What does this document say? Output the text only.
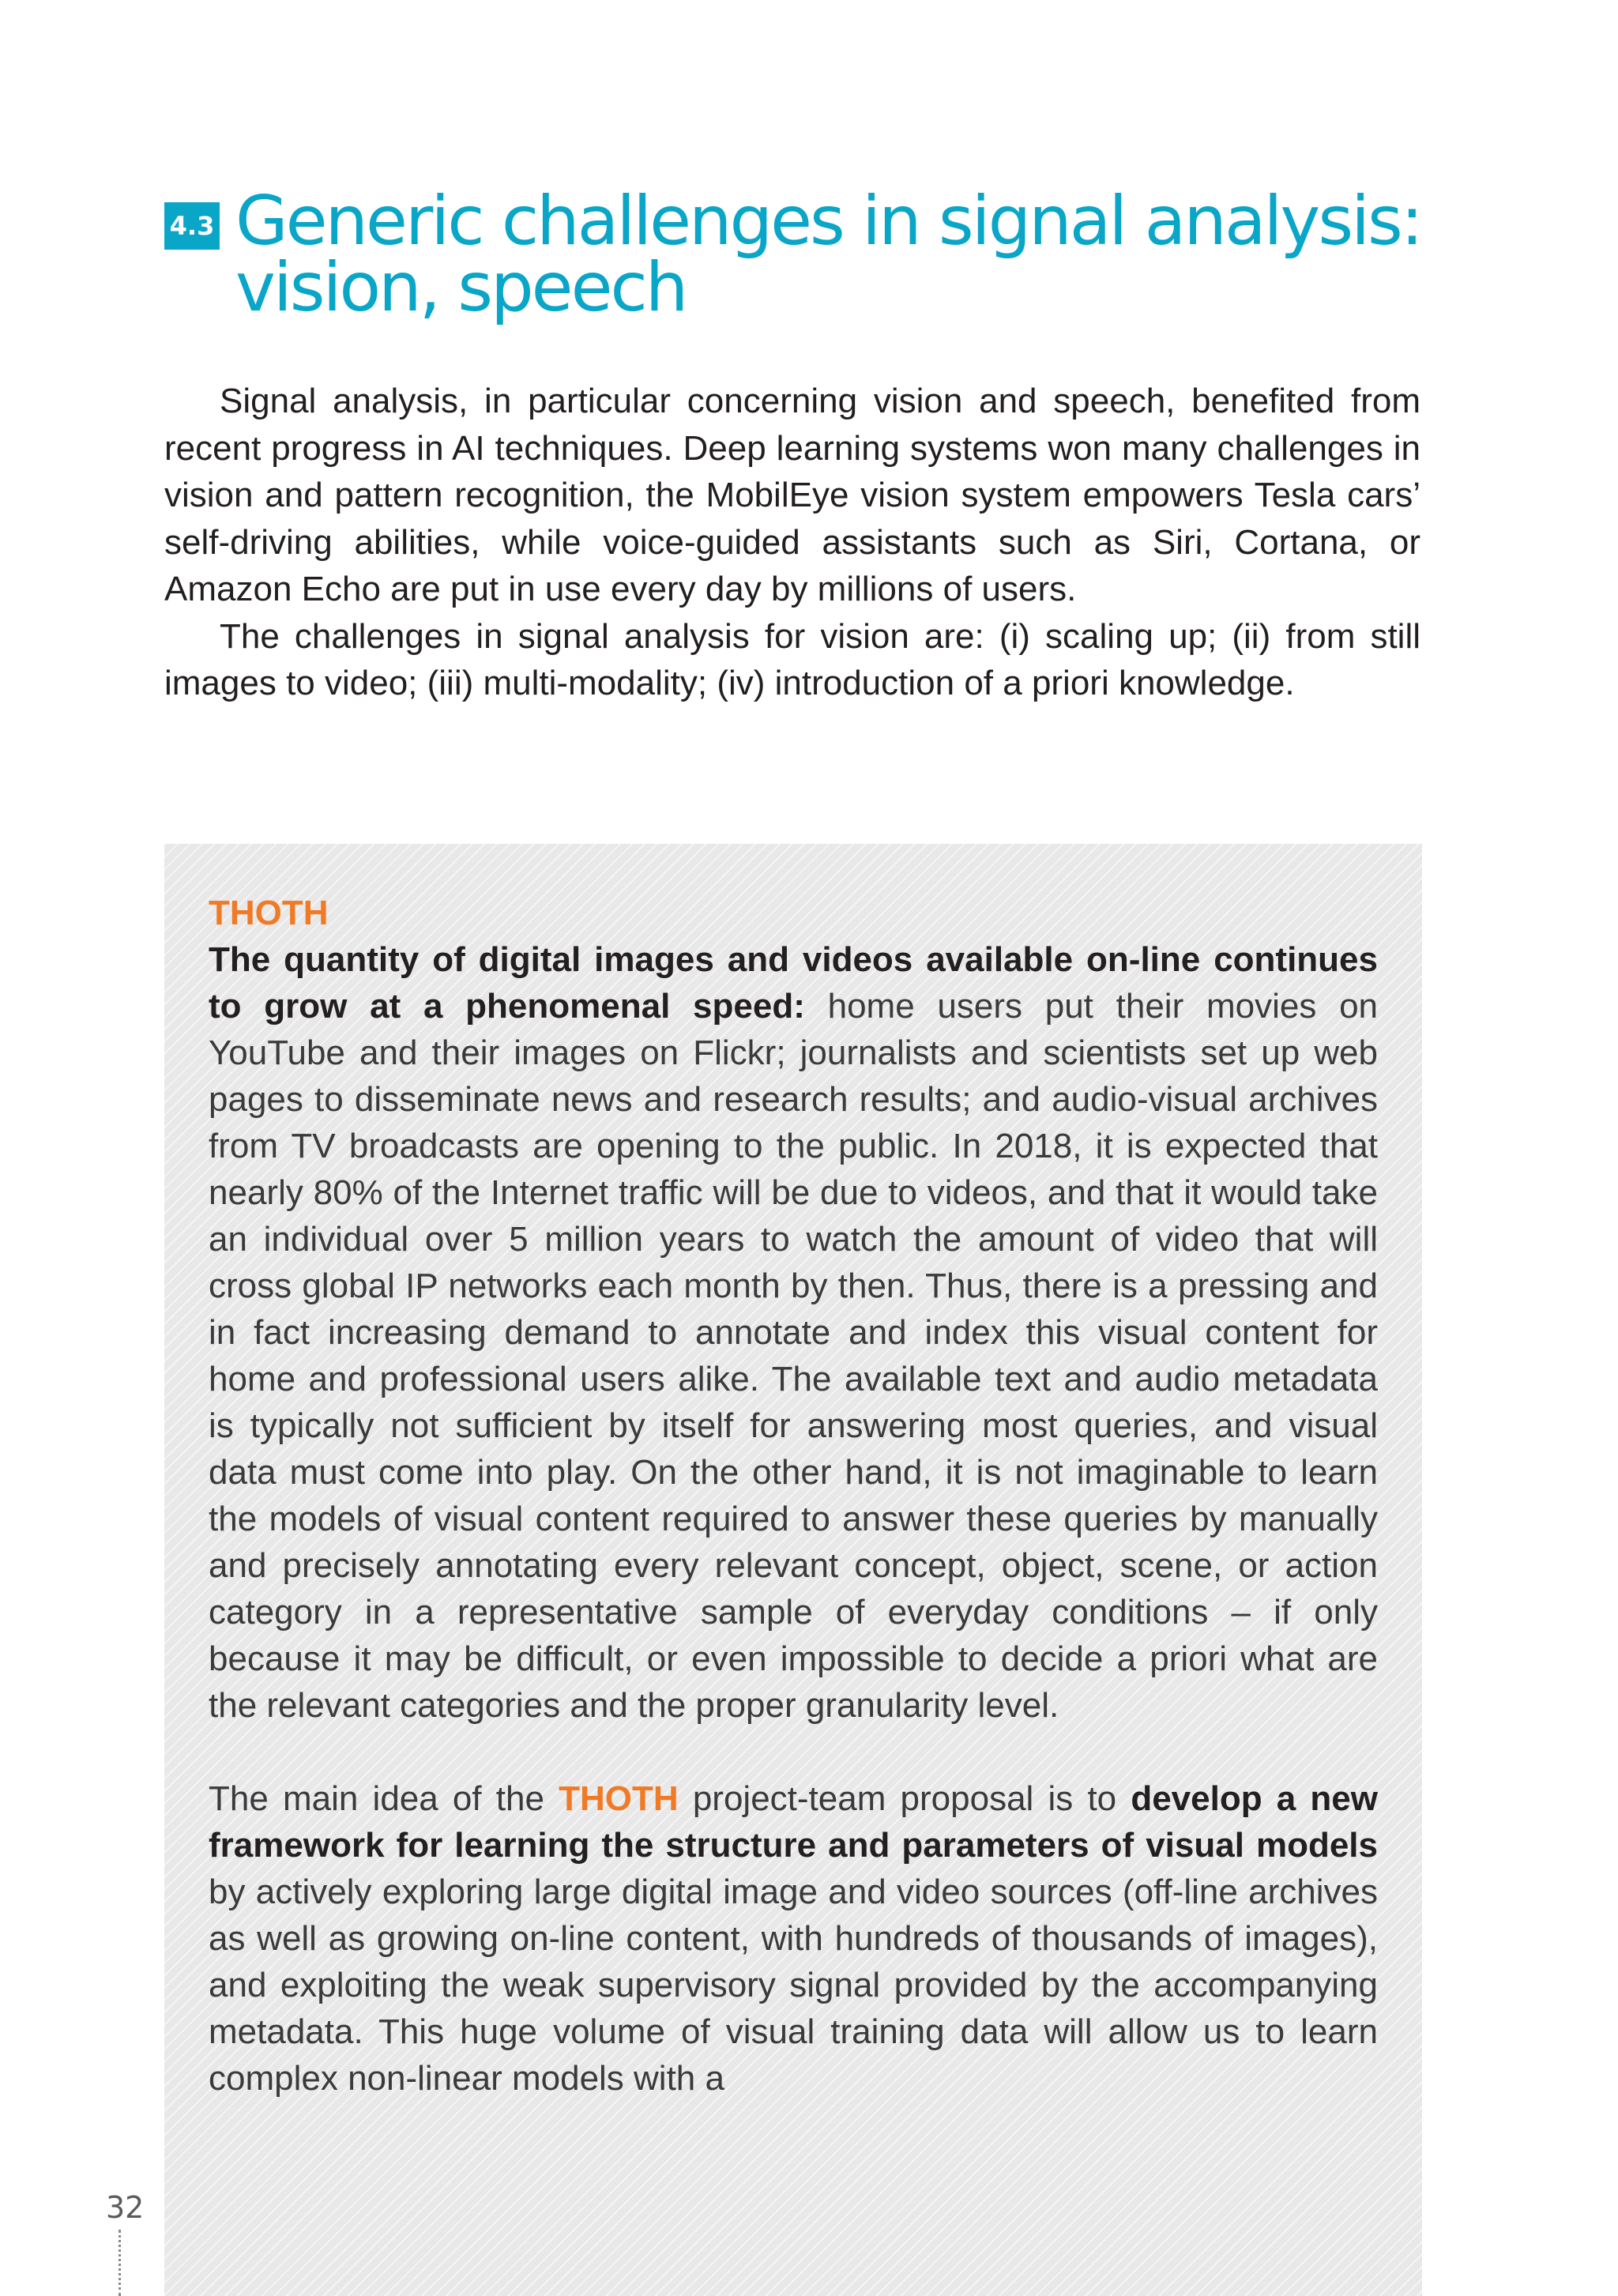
4.3 Generic challenges in signal analysis: vision, speech

Signal analysis, in particular concerning vision and speech, benefited from recent progress in AI techniques. Deep learning systems won many challenges in vision and pattern recognition, the MobilEye vision system empowers Tesla cars’ self-driving abilities, while voice-guided assistants such as Siri, Cortana, or Amazon Echo are put in use every day by millions of users.

The challenges in signal analysis for vision are: (i) scaling up; (ii) from still images to video; (iii) multi-modality; (iv) introduction of a priori knowledge.

THOTH

The quantity of digital images and videos available on-line continues to grow at a phenomenal speed: home users put their movies on YouTube and their images on Flickr; journalists and scientists set up web pages to disseminate news and research results; and audio-visual archives from TV broadcasts are opening to the public. In 2018, it is expected that nearly 80% of the Internet traffic will be due to videos, and that it would take an individual over 5 million years to watch the amount of video that will cross global IP networks each month by then. Thus, there is a pressing and in fact increasing demand to annotate and index this visual content for home and professional users alike. The available text and audio metadata is typically not sufficient by itself for answering most queries, and visual data must come into play. On the other hand, it is not imaginable to learn the models of visual content required to answer these queries by manually and precisely annotating every relevant concept, object, scene, or action category in a representative sample of everyday conditions – if only because it may be difficult, or even impossible to decide a priori what are the relevant categories and the proper granularity level.

The main idea of the THOTH project-team proposal is to develop a new framework for learning the structure and parameters of visual models by actively exploring large digital image and video sources (off-line archives as well as growing on-line content, with hundreds of thousands of images), and exploiting the weak supervisory signal provided by the accompanying metadata. This huge volume of visual training data will allow us to learn complex non-linear models with a

32
